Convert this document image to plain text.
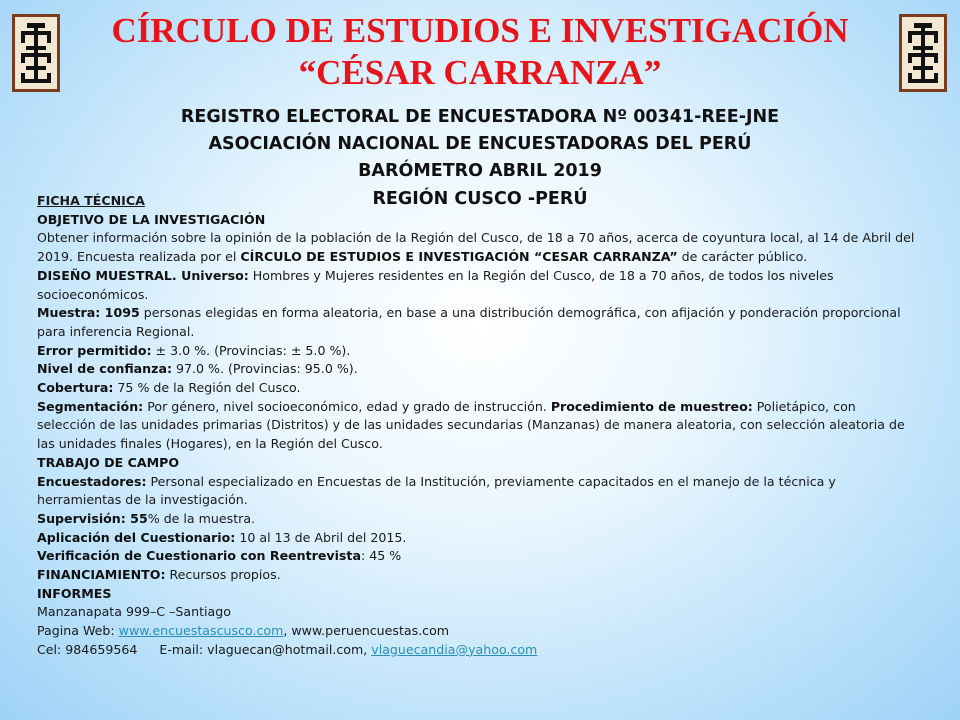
CÍRCULO DE ESTUDIOS E INVESTIGACIÓN
“CÉSAR CARRANZA”
REGISTRO ELECTORAL DE ENCUESTADORA Nº 00341-REE-JNE
ASOCIACIÓN NACIONAL DE ENCUESTADORAS DEL PERÚ
BARÓMETRO ABRIL 2019
REGIÓN CUSCO -PERÚ

FICHA TÉCNICA

OBJETIVO DE LA INVESTIGACIÓN

Obtener información sobre la opinión de la población de la Región del Cusco, de 18 a 70 años, acerca de coyuntura local, al 14 de Abril del 2019. Encuesta realizada por el CÍRCULO DE ESTUDIOS E INVESTIGACIÓN “CESAR CARRANZA” de carácter público.

DISEÑO MUESTRAL. Universo: Hombres y Mujeres residentes en la Región del Cusco, de 18 a 70 años, de todos los niveles socioeconómicos.

Muestra: 1095 personas elegidas en forma aleatoria, en base a una distribución demográfica, con afijación y ponderación proporcional para inferencia Regional.

Error permitido: ± 3.0 %. (Provincias: ± 5.0 %).

Nivel de confianza: 97.0 %. (Provincias: 95.0 %).

Cobertura: 75 % de la Región del Cusco.

Segmentación: Por género, nivel socioeconómico, edad y grado de instrucción. Procedimiento de muestreo: Polietápico, con selección de las unidades primarias (Distritos) y de las unidades secundarias (Manzanas) de manera aleatoria, con selección aleatoria de las unidades finales (Hogares), en la Región del Cusco.

TRABAJO DE CAMPO

Encuestadores: Personal especializado en Encuestas de la Institución, previamente capacitados en el manejo de la técnica y herramientas de la investigación.

Supervisión: 55% de la muestra.

Aplicación del Cuestionario: 10 al 13 de Abril del 2015.

Verificación de Cuestionario con Reentrevista: 45 %

FINANCIAMIENTO: Recursos propios.

INFORMES

Manzanapata 999–C –Santiago

Pagina Web: www.encuestascusco.com, www.peruencuestas.com

Cel: 984659564 E-mail: vlaguecan@hotmail.com, vlaguecandia@yahoo.com
